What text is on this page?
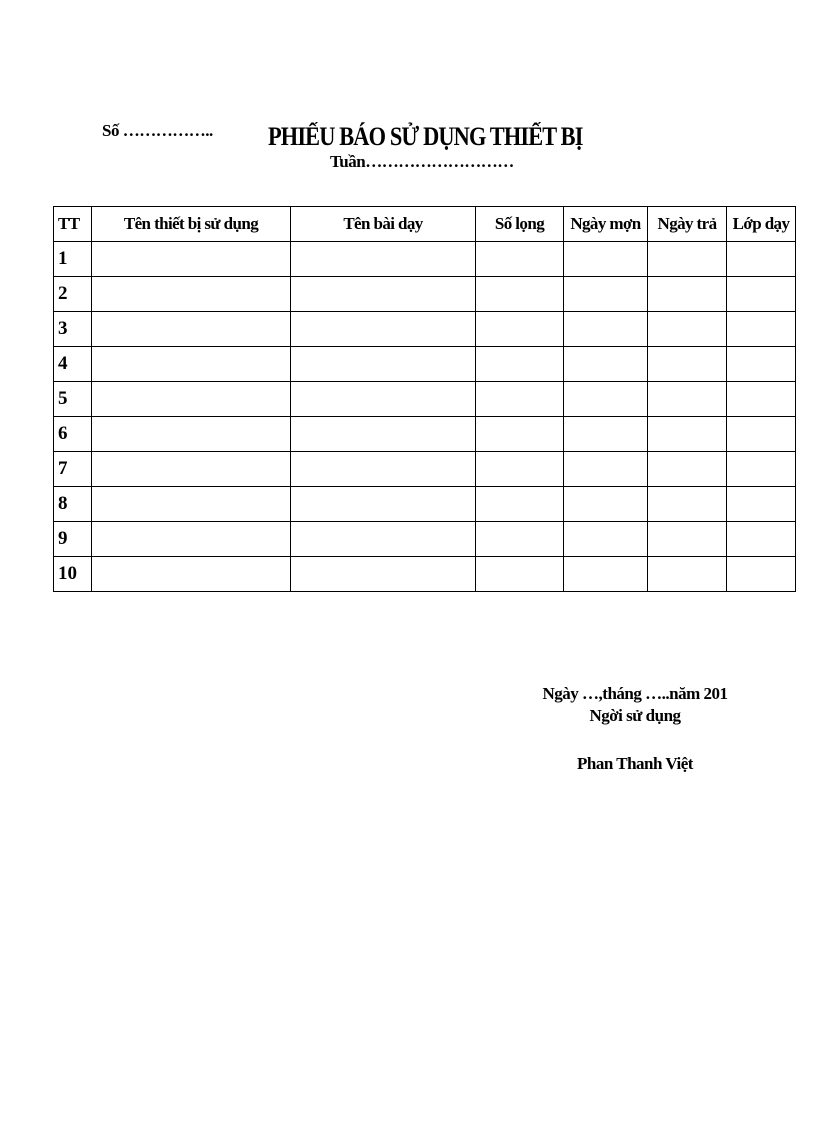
Số …………….. PHIẾU BÁO SỬ DỤNG THIẾT BỊ
Tuần………………………
TT	Tên thiết bị sử dụng	Tên bài dạy	Số lọng	Ngày mợn	Ngày trả	Lớp dạy
1						
2						
3						
4						
5						
6						
7						
8						
9						
10						
Ngày …,tháng …..năm 201
Ngời sử dụng
Phan Thanh Việt
